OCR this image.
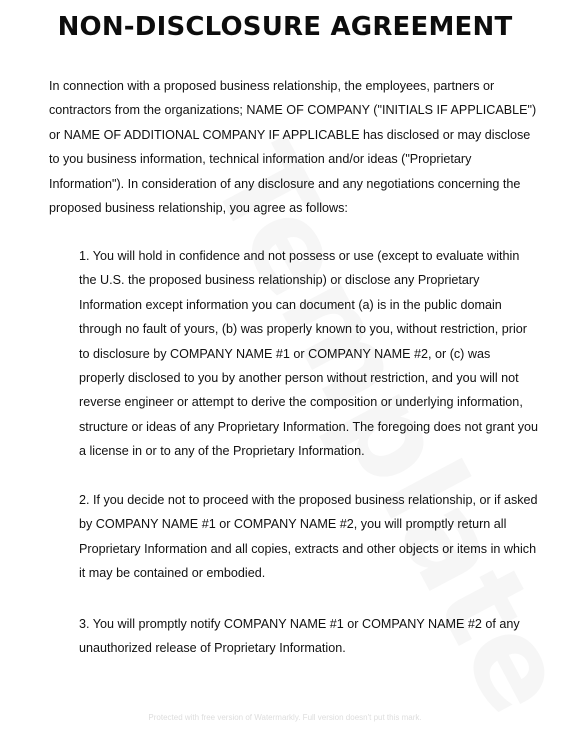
NON-DISCLOSURE AGREEMENT

In connection with a proposed business relationship, the employees, partners or contractors from the organizations; NAME OF COMPANY ("INITIALS IF APPLICABLE") or NAME OF ADDITIONAL COMPANY IF APPLICABLE has disclosed or may disclose to you business information, technical information and/or ideas ("Proprietary Information"). In consideration of any disclosure and any negotiations concerning the proposed business relationship, you agree as follows:

1. You will hold in confidence and not possess or use (except to evaluate within the U.S. the proposed business relationship) or disclose any Proprietary Information except information you can document (a) is in the public domain through no fault of yours, (b) was properly known to you, without restriction, prior to disclosure by COMPANY NAME #1 or COMPANY NAME #2, or (c) was properly disclosed to you by another person without restriction, and you will not reverse engineer or attempt to derive the composition or underlying information, structure or ideas of any Proprietary Information. The foregoing does not grant you a license in or to any of the Proprietary Information.

2. If you decide not to proceed with the proposed business relationship, or if asked by COMPANY NAME #1 or COMPANY NAME #2, you will promptly return all Proprietary Information and all copies, extracts and other objects or items in which it may be contained or embodied.

3. You will promptly notify COMPANY NAME #1 or COMPANY NAME #2 of any unauthorized release of Proprietary Information.

Protected with free version of Watermarkly. Full version doesn't put this mark.
